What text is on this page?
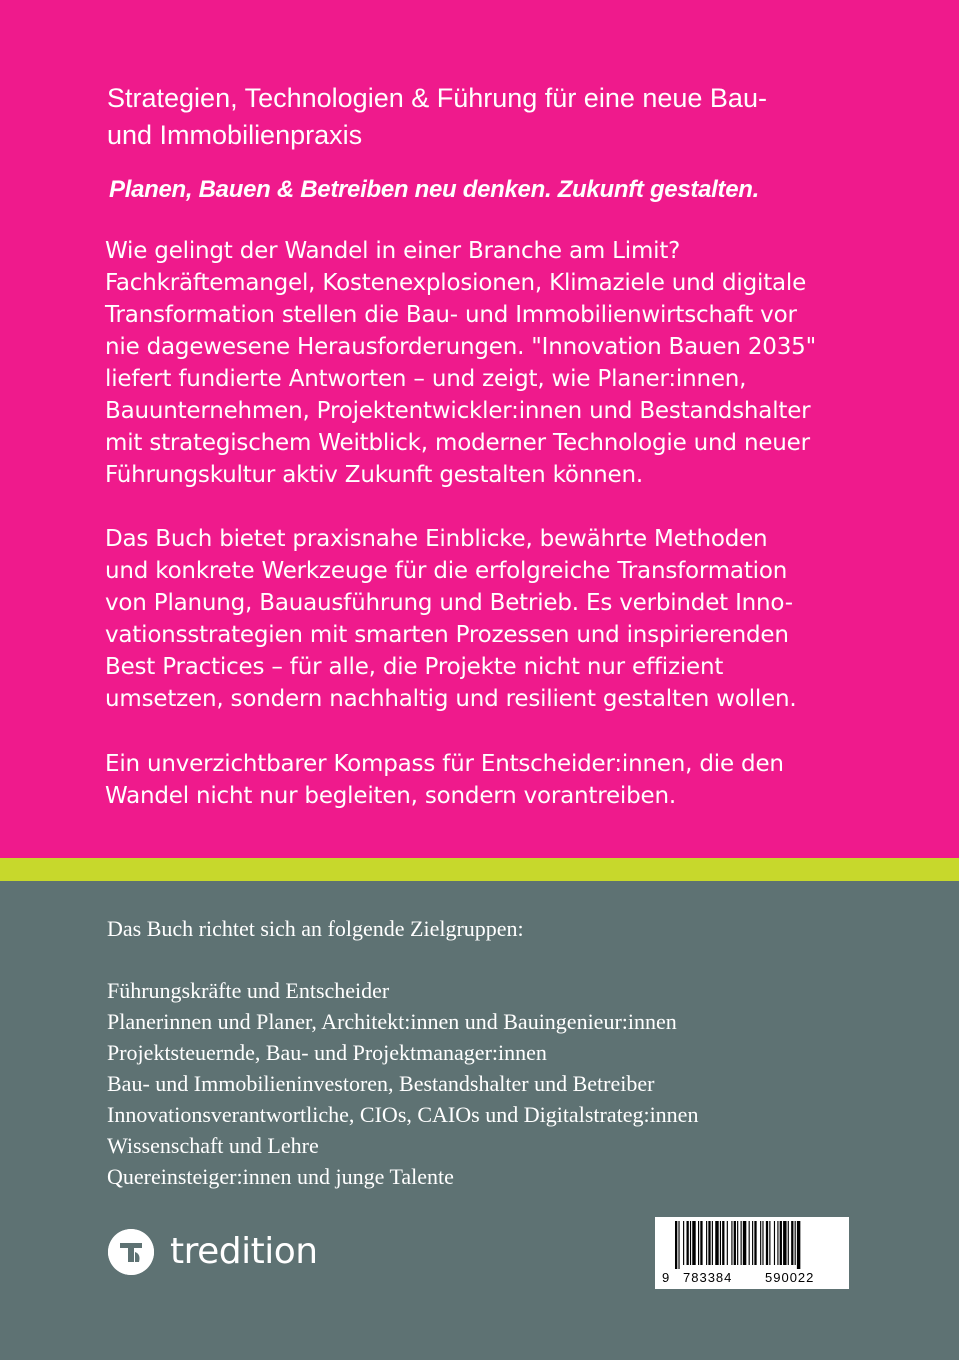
Strategien, Technologien & Führung für eine neue Bau-
und Immobilienpraxis
Planen, Bauen & Betreiben neu denken. Zukunft gestalten.
Wie gelingt der Wandel in einer Branche am Limit?
Fachkräftemangel, Kostenexplosionen, Klimaziele und digitale
Transformation stellen die Bau- und Immobilienwirtschaft vor
nie dagewesene Herausforderungen. "Innovation Bauen 2035"
liefert fundierte Antworten – und zeigt, wie Planer:innen,
Bauunternehmen, Projektentwickler:innen und Bestandshalter
mit strategischem Weitblick, moderner Technologie und neuer
Führungskultur aktiv Zukunft gestalten können.
Das Buch bietet praxisnahe Einblicke, bewährte Methoden
und konkrete Werkzeuge für die erfolgreiche Transformation
von Planung, Bauausführung und Betrieb. Es verbindet Inno-
vationsstrategien mit smarten Prozessen und inspirierenden
Best Practices – für alle, die Projekte nicht nur effizient
umsetzen, sondern nachhaltig und resilient gestalten wollen.
Ein unverzichtbarer Kompass für Entscheider:innen, die den
Wandel nicht nur begleiten, sondern vorantreiben.
Das Buch richtet sich an folgende Zielgruppen:
Führungskräfte und Entscheider
Planerinnen und Planer, Architekt:innen und Bauingenieur:innen
Projektsteuernde, Bau- und Projektmanager:innen
Bau- und Immobilieninvestoren, Bestandshalter und Betreiber
Innovationsverantwortliche, CIOs, CAIOs und Digitalstrateg:innen
Wissenschaft und Lehre
Quereinsteiger:innen und junge Talente
tredition
9 783384	590022
